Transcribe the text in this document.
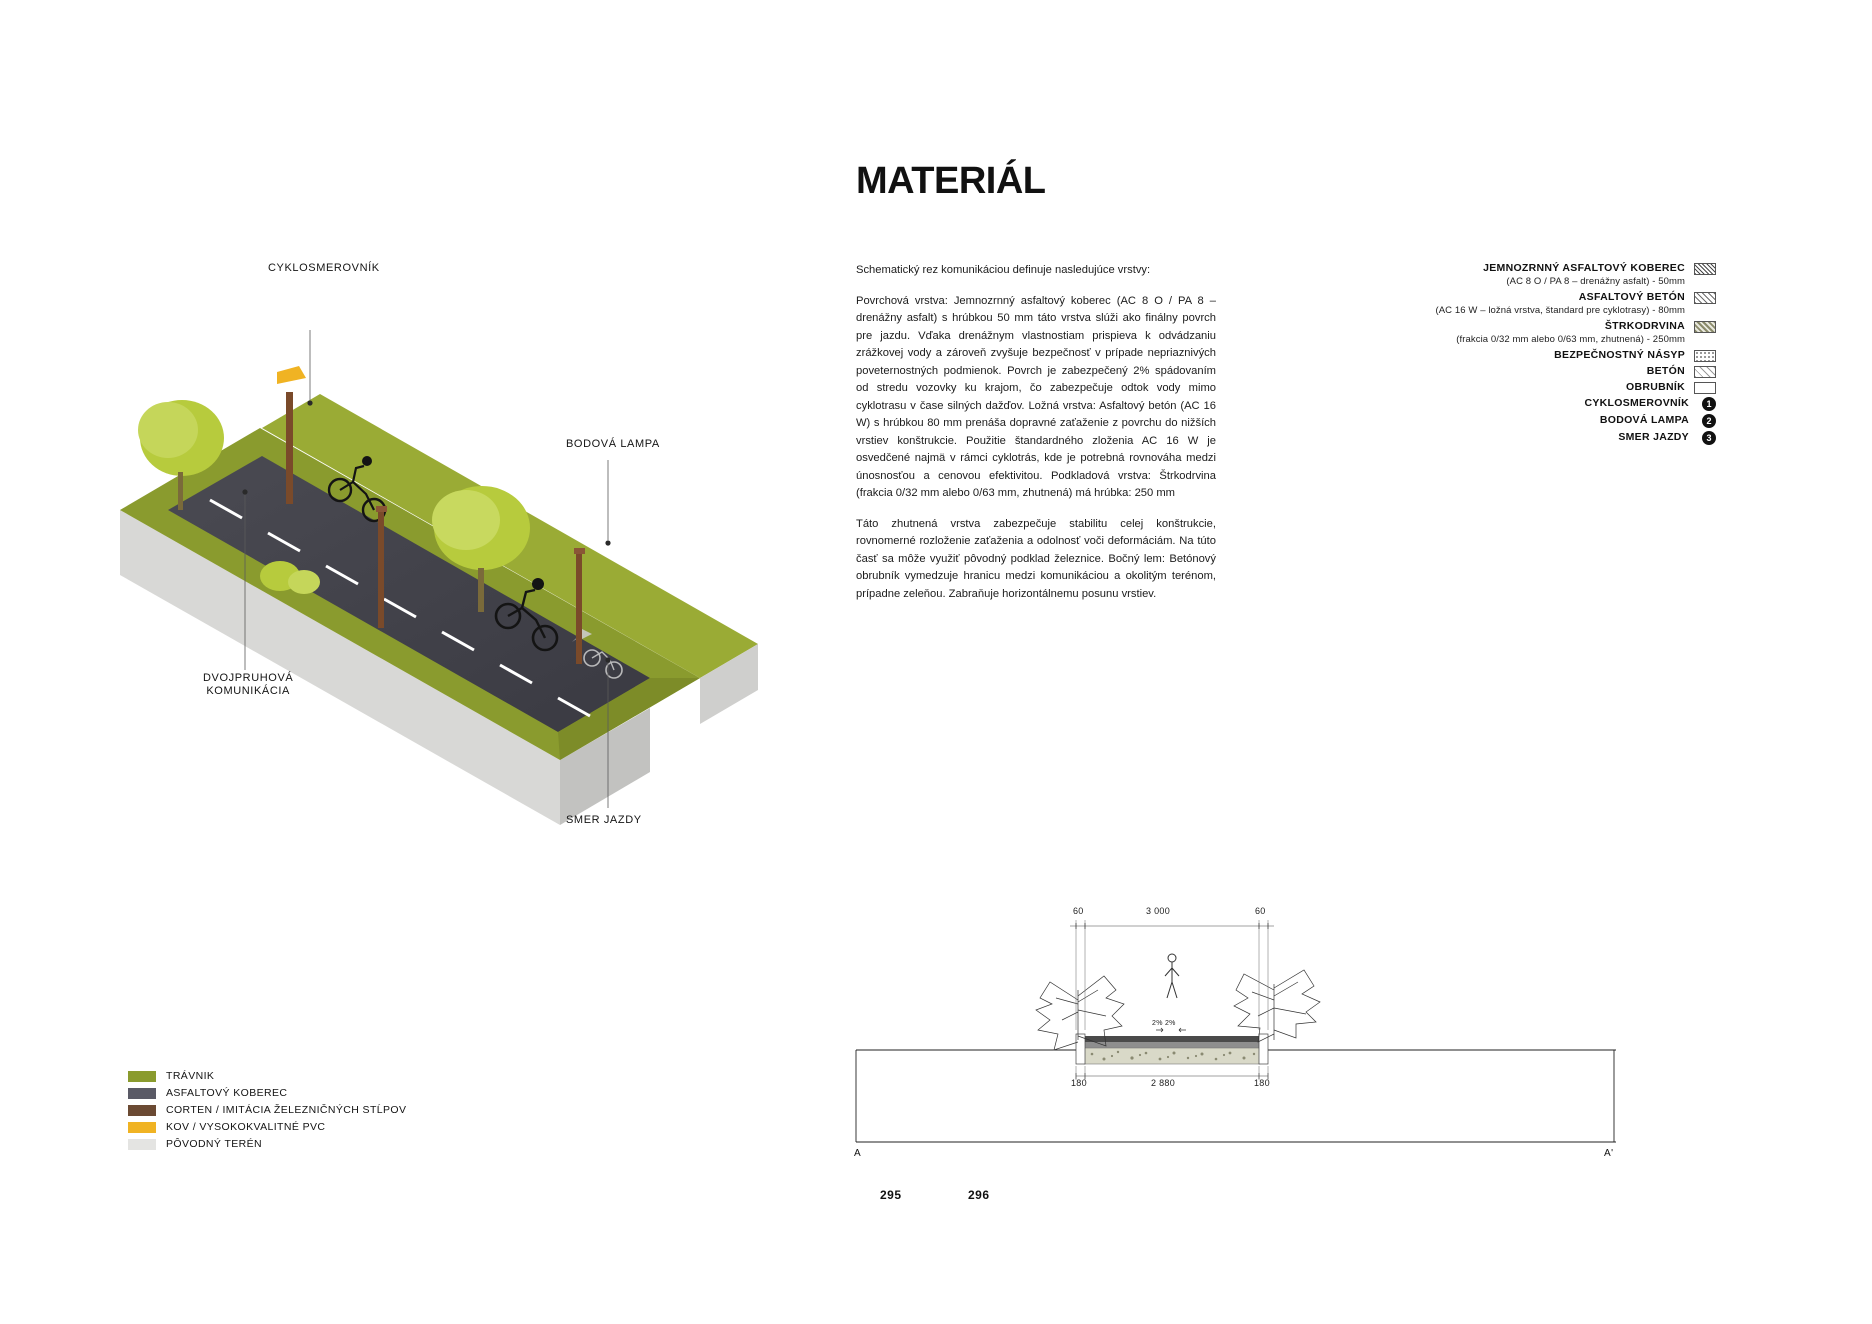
CYKLOSMEROVNÍK
BODOVÁ LAMPA
DVOJPRUHOVÁ
KOMUNIKÁCIA
SMER JAZDY
TRÁVNIK
ASFALTOVÝ KOBEREC
CORTEN / IMITÁCIA ŽELEZNIČNÝCH STĹPOV
KOV / VYSOKOKVALITNÉ PVC
PÔVODNÝ TERÉN
295
MATERIÁL

Schematický rez komunikáciou definuje nasledujúce vrstvy:

Povrchová vrstva: Jemnozrnný asfaltový koberec (AC 8 O / PA 8 – drenážny asfalt) s hrúbkou 50 mm táto vrstva slúži ako finálny povrch pre jazdu. Vďaka drenážnym vlastnostiam prispieva k odvádzaniu zrážkovej vody a zároveň zvyšuje bezpečnosť v prípade nepriaznivých poveternostných podmienok. Povrch je zabezpečený 2% spádovaním od stredu vozovky ku krajom, čo zabezpečuje odtok vody mimo cyklotrasu v čase silných dažďov. Ložná vrstva: Asfaltový betón (AC 16 W) s hrúbkou 80 mm prenáša dopravné zaťaženie z povrchu do nižších vrstiev konštrukcie. Použitie štandardného zloženia AC 16 W je osvedčené najmä v rámci cyklotrás, kde je potrebná rovnováha medzi únosnosťou a cenovou efektivitou. Podkladová vrstva: Štrkodrvina (frakcia 0/32 mm alebo 0/63 mm, zhutnená) má hrúbka: 250 mm

Táto zhutnená vrstva zabezpečuje stabilitu celej konštrukcie, rovnomerné rozloženie zaťaženia a odolnosť voči deformáciám. Na túto časť sa môže využiť pôvodný podklad železnice. Bočný lem: Betónový obrubník vymedzuje hranicu medzi komunikáciou a okolitým terénom, prípadne zeleňou. Zabraňuje horizontálnemu posunu vrstiev.

JEMNOZRNNÝ ASFALTOVÝ KOBEREC
(AC 8 O / PA 8 – drenážny asfalt) - 50mm
ASFALTOVÝ BETÓN
(AC 16 W – ložná vrstva, štandard pre cyklotrasy) - 80mm
ŠTRKODRVINA
(frakcia 0/32 mm alebo 0/63 mm, zhutnená) - 250mm
BEZPEČNOSTNÝ NÁSYP
BETÓN
OBRUBNÍK
CYKLOSMEROVNÍK	1
BODOVÁ LAMPA	2
SMER JAZDY	3
60	3 000	60
180	2 880	180
2% 2%
A	A'
296
